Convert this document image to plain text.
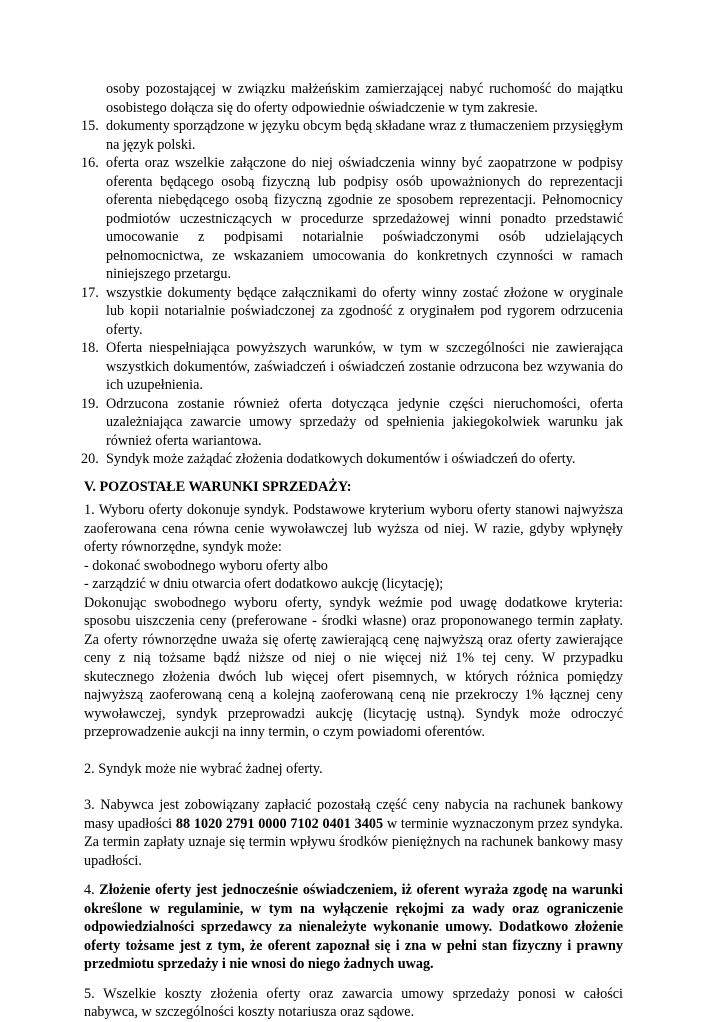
osoby pozostającej w związku małżeńskim zamierzającej nabyć ruchomość do majątku osobistego dołącza się do oferty odpowiednie oświadczenie w tym zakresie.
15. dokumenty sporządzone w języku obcym będą składane wraz z tłumaczeniem przysięgłym na język polski.
16. oferta oraz wszelkie załączone do niej oświadczenia winny być zaopatrzone w podpisy oferenta będącego osobą fizyczną lub podpisy osób upoważnionych do reprezentacji oferenta niebędącego osobą fizyczną zgodnie ze sposobem reprezentacji. Pełnomocnicy podmiotów uczestniczących w procedurze sprzedażowej winni ponadto przedstawić umocowanie z podpisami notarialnie poświadczonymi osób udzielających pełnomocnictwa, ze wskazaniem umocowania do konkretnych czynności w ramach niniejszego przetargu.
17. wszystkie dokumenty będące załącznikami do oferty winny zostać złożone w oryginale lub kopii notarialnie poświadczonej za zgodność z oryginałem pod rygorem odrzucenia oferty.
18. Oferta niespełniająca powyższych warunków, w tym w szczególności nie zawierająca wszystkich dokumentów, zaświadczeń i oświadczeń zostanie odrzucona bez wzywania do ich uzupełnienia.
19. Odrzucona zostanie również oferta dotycząca jedynie części nieruchomości, oferta uzależniająca zawarcie umowy sprzedaży od spełnienia jakiegokolwiek warunku jak również oferta wariantowa.
20. Syndyk może zażądać złożenia dodatkowych dokumentów i oświadczeń do oferty.
V. POZOSTAŁE WARUNKI SPRZEDAŻY:

1. Wyboru oferty dokonuje syndyk. Podstawowe kryterium wyboru oferty stanowi najwyższa zaoferowana cena równa cenie wywoławczej lub wyższa od niej. W razie, gdyby wpłynęły oferty równorzędne, syndyk może:

- dokonać swobodnego wyboru oferty albo

- zarządzić w dniu otwarcia ofert dodatkowo aukcję (licytację);

Dokonując swobodnego wyboru oferty, syndyk weźmie pod uwagę dodatkowe kryteria: sposobu uiszczenia ceny (preferowane - środki własne) oraz proponowanego termin zapłaty. Za oferty równorzędne uważa się ofertę zawierającą cenę najwyższą oraz oferty zawierające ceny z nią tożsame bądź niższe od niej o nie więcej niż 1% tej ceny. W przypadku skutecznego złożenia dwóch lub więcej ofert pisemnych, w których różnica pomiędzy najwyższą zaoferowaną ceną a kolejną zaoferowaną ceną nie przekroczy 1% łącznej ceny wywoławczej, syndyk przeprowadzi aukcję (licytację ustną). Syndyk może odroczyć przeprowadzenie aukcji na inny termin, o czym powiadomi oferentów.

2. Syndyk może nie wybrać żadnej oferty.

3. Nabywca jest zobowiązany zapłacić pozostałą część ceny nabycia na rachunek bankowy masy upadłości 88 1020 2791 0000 7102 0401 3405 w terminie wyznaczonym przez syndyka. Za termin zapłaty uznaje się termin wpływu środków pieniężnych na rachunek bankowy masy upadłości.

4. Złożenie oferty jest jednocześnie oświadczeniem, iż oferent wyraża zgodę na warunki określone w regulaminie, w tym na wyłączenie rękojmi za wady oraz ograniczenie odpowiedzialności sprzedawcy za nienależyte wykonanie umowy. Dodatkowo złożenie oferty tożsame jest z tym, że oferent zapoznał się i zna w pełni stan fizyczny i prawny przedmiotu sprzedaży i nie wnosi do niego żadnych uwag.

5. Wszelkie koszty złożenia oferty oraz zawarcia umowy sprzedaży ponosi w całości nabywca, w szczególności koszty notariusza oraz sądowe.
